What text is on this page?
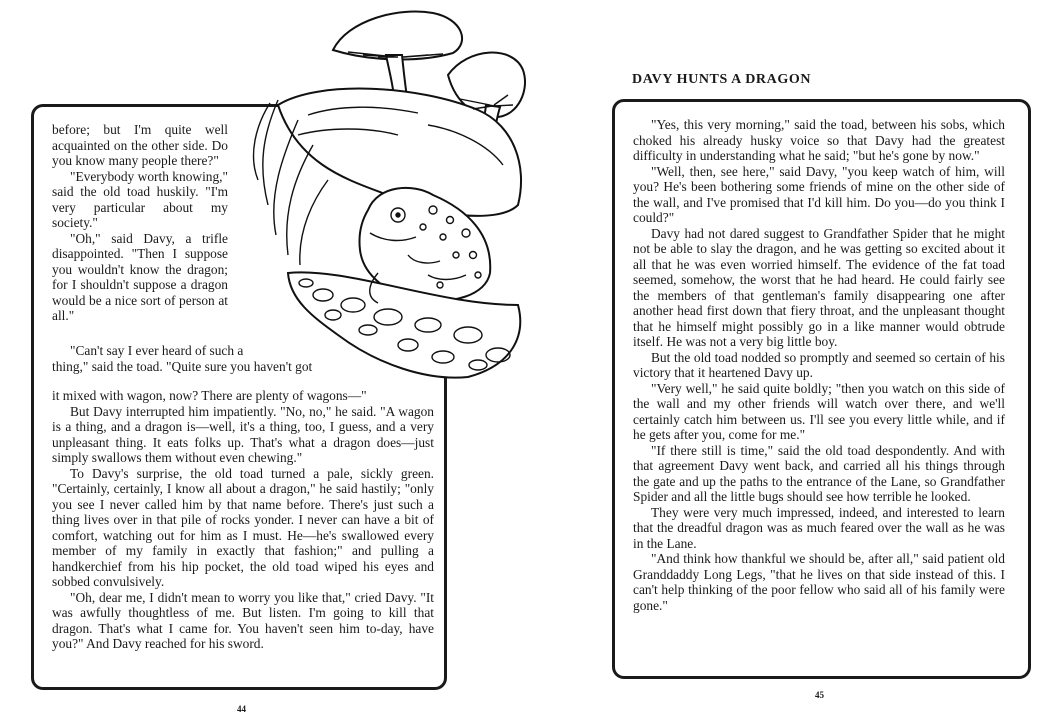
before; but I'm quite well acquainted on the other side. Do you know many people there?"

"Everybody worth knowing," said the old toad huskily. "I'm very particular about my society."

"Oh," said Davy, a trifle disappointed. "Then I suppose you wouldn't know the dragon; for I shouldn't suppose a dragon would be a nice sort of person at all."

"Can't say I ever heard of such a

thing," said the toad. "Quite sure you haven't got

it mixed with wagon, now? There are plenty of wagons—"

But Davy interrupted him impatiently. "No, no," he said. "A wagon is a thing, and a dragon is—well, it's a thing, too, I guess, and a very unpleasant thing. It eats folks up. That's what a dragon does—just simply swallows them without even chewing."

To Davy's surprise, the old toad turned a pale, sickly green. "Certainly, certainly, I know all about a dragon," he said hastily; "only you see I never called him by that name before. There's just such a thing lives over in that pile of rocks yonder. I never can have a bit of comfort, watching out for him as I must. He—he's swallowed every member of my family in exactly that fashion;" and pulling a handkerchief from his hip pocket, the old toad wiped his eyes and sobbed convulsively.

"Oh, dear me, I didn't mean to worry you like that," cried Davy. "It was awfully thoughtless of me. But listen. I'm going to kill that dragon. That's what I came for. You haven't seen him to-day, have you?" And Davy reached for his sword.

44
DAVY HUNTS A DRAGON

"Yes, this very morning," said the toad, between his sobs, which choked his already husky voice so that Davy had the greatest difficulty in understanding what he said; "but he's gone by now."

"Well, then, see here," said Davy, "you keep watch of him, will you? He's been bothering some friends of mine on the other side of the wall, and I've promised that I'd kill him. Do you—do you think I could?"

Davy had not dared suggest to Grandfather Spider that he might not be able to slay the dragon, and he was getting so excited about it all that he was even worried himself. The evidence of the fat toad seemed, somehow, the worst that he had heard. He could fairly see the members of that gentleman's family disappearing one after another head first down that fiery throat, and the unpleasant thought that he himself might possibly go in a like manner would obtrude itself. He was not a very big little boy.

But the old toad nodded so promptly and seemed so certain of his victory that it heartened Davy up.

"Very well," he said quite boldly; "then you watch on this side of the wall and my other friends will watch over there, and we'll certainly catch him between us. I'll see you every little while, and if he gets after you, come for me."

"If there still is time," said the old toad despondently. And with that agreement Davy went back, and carried all his things through the gate and up the paths to the entrance of the Lane, so Grandfather Spider and all the little bugs should see how terrible he looked.

They were very much impressed, indeed, and interested to learn that the dreadful dragon was as much feared over the wall as he was in the Lane.

"And think how thankful we should be, after all," said patient old Granddaddy Long Legs, "that he lives on that side instead of this. I can't help thinking of the poor fellow who said all of his family were gone."

45
